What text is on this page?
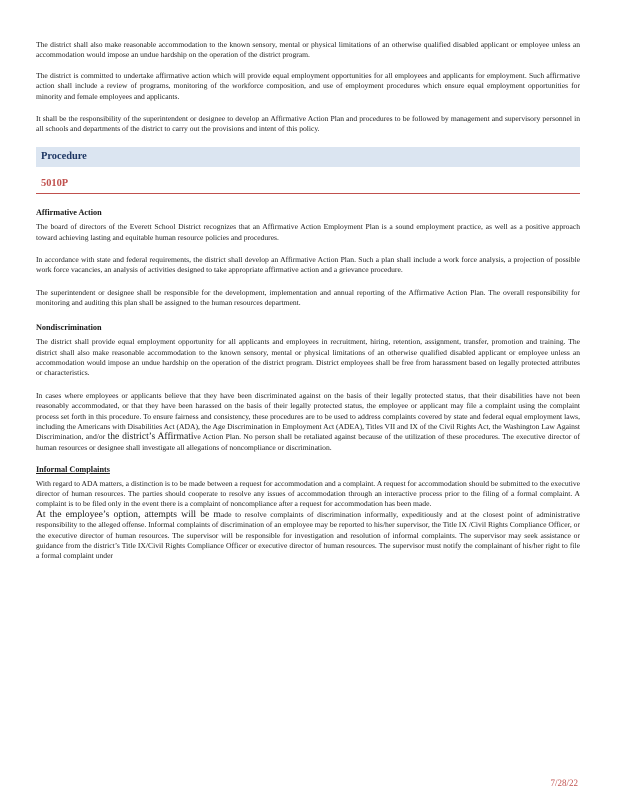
The district shall also make reasonable accommodation to the known sensory, mental or physical limitations of an otherwise qualified disabled applicant or employee unless an accommodation would impose an undue hardship on the operation of the district program.

The district is committed to undertake affirmative action which will provide equal employment opportunities for all employees and applicants for employment. Such affirmative action shall include a review of programs, monitoring of the workforce composition, and use of employment procedures which ensure equal employment opportunities for minority and female employees and applicants.

It shall be the responsibility of the superintendent or designee to develop an Affirmative Action Plan and procedures to be followed by management and supervisory personnel in all schools and departments of the district to carry out the provisions and intent of this policy.

Procedure
5010P
Affirmative Action

The board of directors of the Everett School District recognizes that an Affirmative Action Employment Plan is a sound employment practice, as well as a positive approach toward achieving lasting and equitable human resource policies and procedures.

In accordance with state and federal requirements, the district shall develop an Affirmative Action Plan. Such a plan shall include a work force analysis, a projection of possible work force vacancies, an analysis of activities designed to take appropriate affirmative action and a grievance procedure.

The superintendent or designee shall be responsible for the development, implementation and annual reporting of the Affirmative Action Plan. The overall responsibility for monitoring and auditing this plan shall be assigned to the human resources department.

Nondiscrimination

The district shall provide equal employment opportunity for all applicants and employees in recruitment, hiring, retention, assignment, transfer, promotion and training. The district shall also make reasonable accommodation to the known sensory, mental or physical limitations of an otherwise qualified disabled applicant or employee unless an accommodation would impose an undue hardship on the operation of the district program. District employees shall be free from harassment based on legally protected attributes or characteristics.

In cases where employees or applicants believe that they have been discriminated against on the basis of their legally protected status, that their disabilities have not been reasonably accommodated, or that they have been harassed on the basis of their legally protected status, the employee or applicant may file a complaint using the complaint process set forth in this procedure. To ensure fairness and consistency, these procedures are to be used to address complaints covered by state and federal equal employment laws, including the Americans with Disabilities Act (ADA), the Age Discrimination in Employment Act (ADEA), Titles VII and IX of the Civil Rights Act, the Washington Law Against Discrimination, and/or the district’s Affirmative Action Plan. No person shall be retaliated against because of the utilization of these procedures. The executive director of human resources or designee shall investigate all allegations of noncompliance or discrimination.

Informal Complaints

With regard to ADA matters, a distinction is to be made between a request for accommodation and a complaint. A request for accommodation should be submitted to the executive director of human resources. The parties should cooperate to resolve any issues of accommodation through an interactive process prior to the filing of a formal complaint. A complaint is to be filed only in the event there is a complaint of noncompliance after a request for accommodation has been made.

At the employee’s option, attempts will be made to resolve complaints of discrimination informally, expeditiously and at the closest point of administrative responsibility to the alleged offense. Informal complaints of discrimination of an employee may be reported to his/her supervisor, the Title IX /Civil Rights Compliance Officer, or the executive director of human resources. The supervisor will be responsible for investigation and resolution of informal complaints. The supervisor may seek assistance or guidance from the district’s Title IX/Civil Rights Compliance Officer or executive director of human resources. The supervisor must notify the complainant of his/her right to file a formal complaint under

7/28/22
